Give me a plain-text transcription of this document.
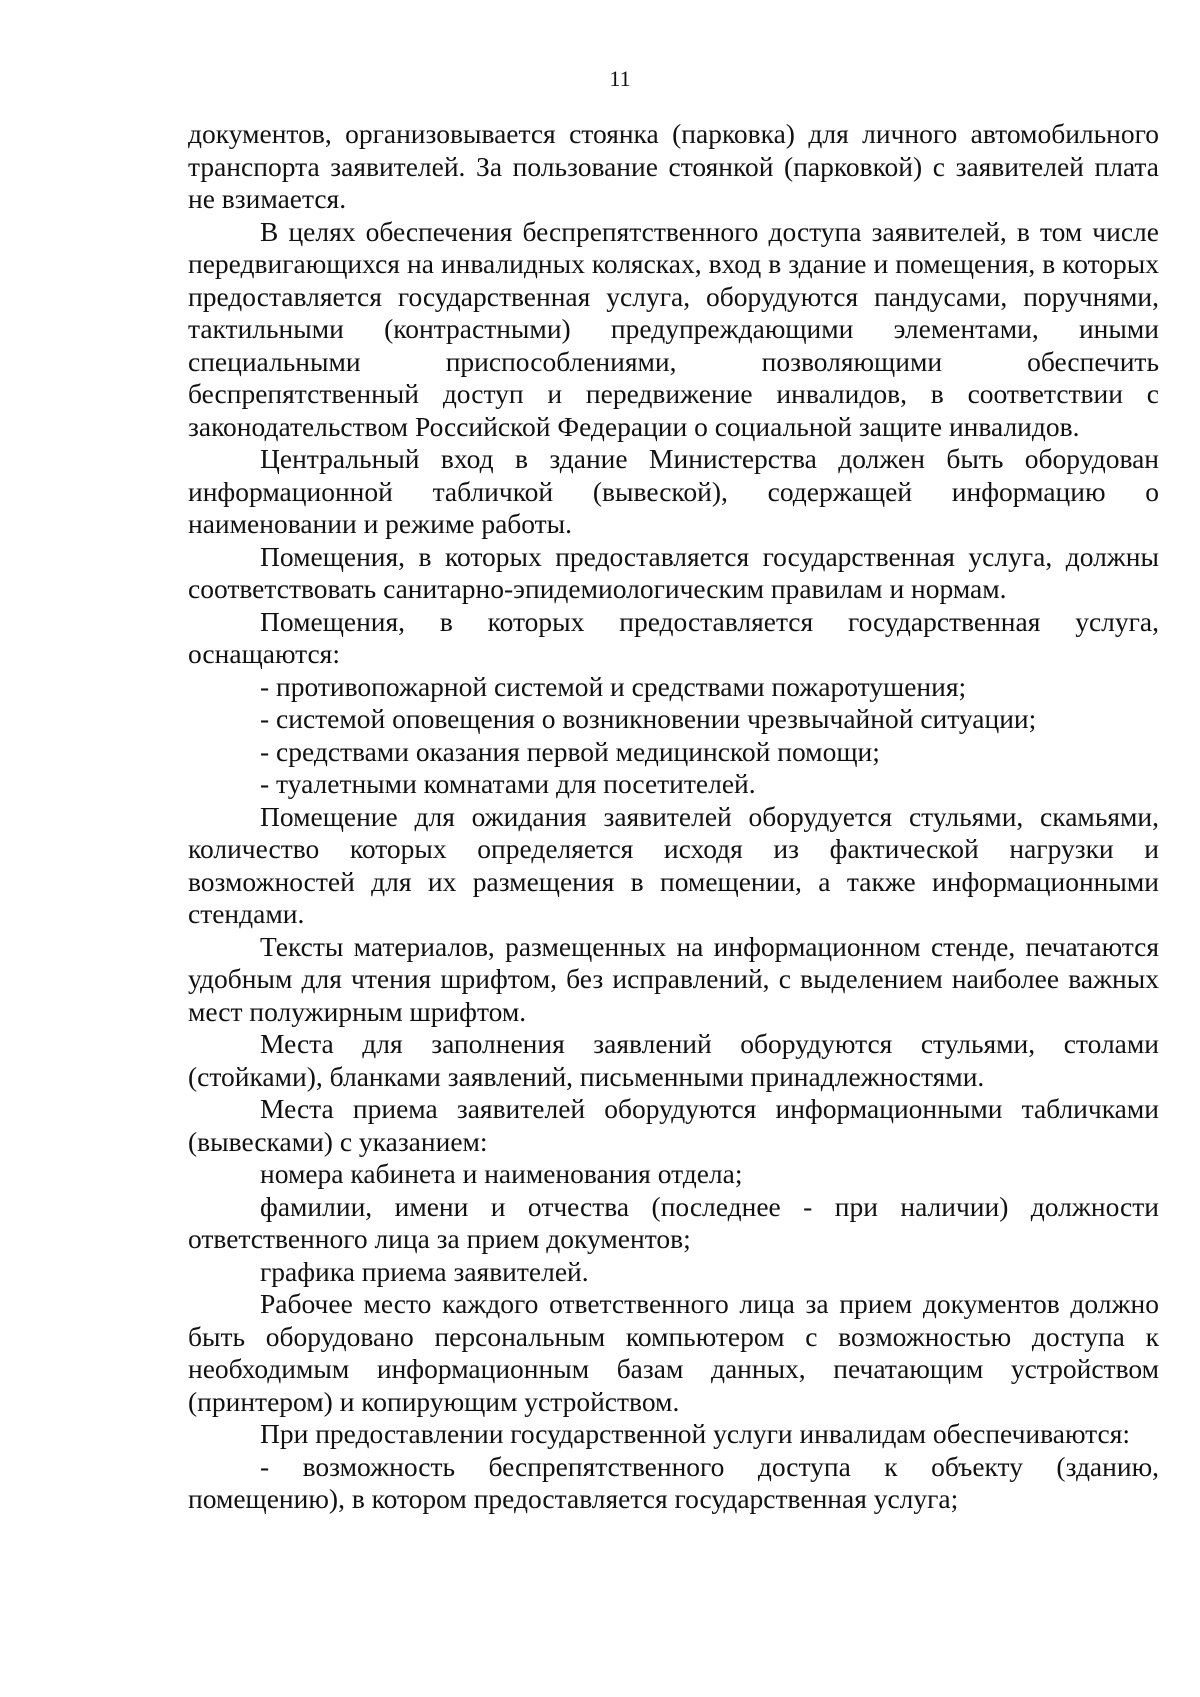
11

документов, организовывается стоянка (парковка) для личного автомобильного транспорта заявителей. За пользование стоянкой (парковкой) с заявителей плата не взимается.

В целях обеспечения беспрепятственного доступа заявителей, в том числе передвигающихся на инвалидных колясках, вход в здание и помещения, в которых предоставляется государственная услуга, оборудуются пандусами, поручнями, тактильными (контрастными) предупреждающими элементами, иными специальными приспособлениями, позволяющими обеспечить беспрепятственный доступ и передвижение инвалидов, в соответствии с законодательством Российской Федерации о социальной защите инвалидов.

Центральный вход в здание Министерства должен быть оборудован информационной табличкой (вывеской), содержащей информацию о наименовании и режиме работы.

Помещения, в которых предоставляется государственная услуга, должны соответствовать санитарно-эпидемиологическим правилам и нормам.

Помещения, в которых предоставляется государственная услуга, оснащаются:

- противопожарной системой и средствами пожаротушения;

- системой оповещения о возникновении чрезвычайной ситуации;

- средствами оказания первой медицинской помощи;

- туалетными комнатами для посетителей.

Помещение для ожидания заявителей оборудуется стульями, скамьями, количество которых определяется исходя из фактической нагрузки и возможностей для их размещения в помещении, а также информационными стендами.

Тексты материалов, размещенных на информационном стенде, печатаются удобным для чтения шрифтом, без исправлений, с выделением наиболее важных мест полужирным шрифтом.

Места для заполнения заявлений оборудуются стульями, столами (стойками), бланками заявлений, письменными принадлежностями.

Места приема заявителей оборудуются информационными табличками (вывесками) с указанием:

номера кабинета и наименования отдела;

фамилии, имени и отчества (последнее - при наличии) должности ответственного лица за прием документов;

графика приема заявителей.

Рабочее место каждого ответственного лица за прием документов должно быть оборудовано персональным компьютером с возможностью доступа к необходимым информационным базам данных, печатающим устройством (принтером) и копирующим устройством.

При предоставлении государственной услуги инвалидам обеспечиваются:

- возможность беспрепятственного доступа к объекту (зданию, помещению), в котором предоставляется государственная услуга;
